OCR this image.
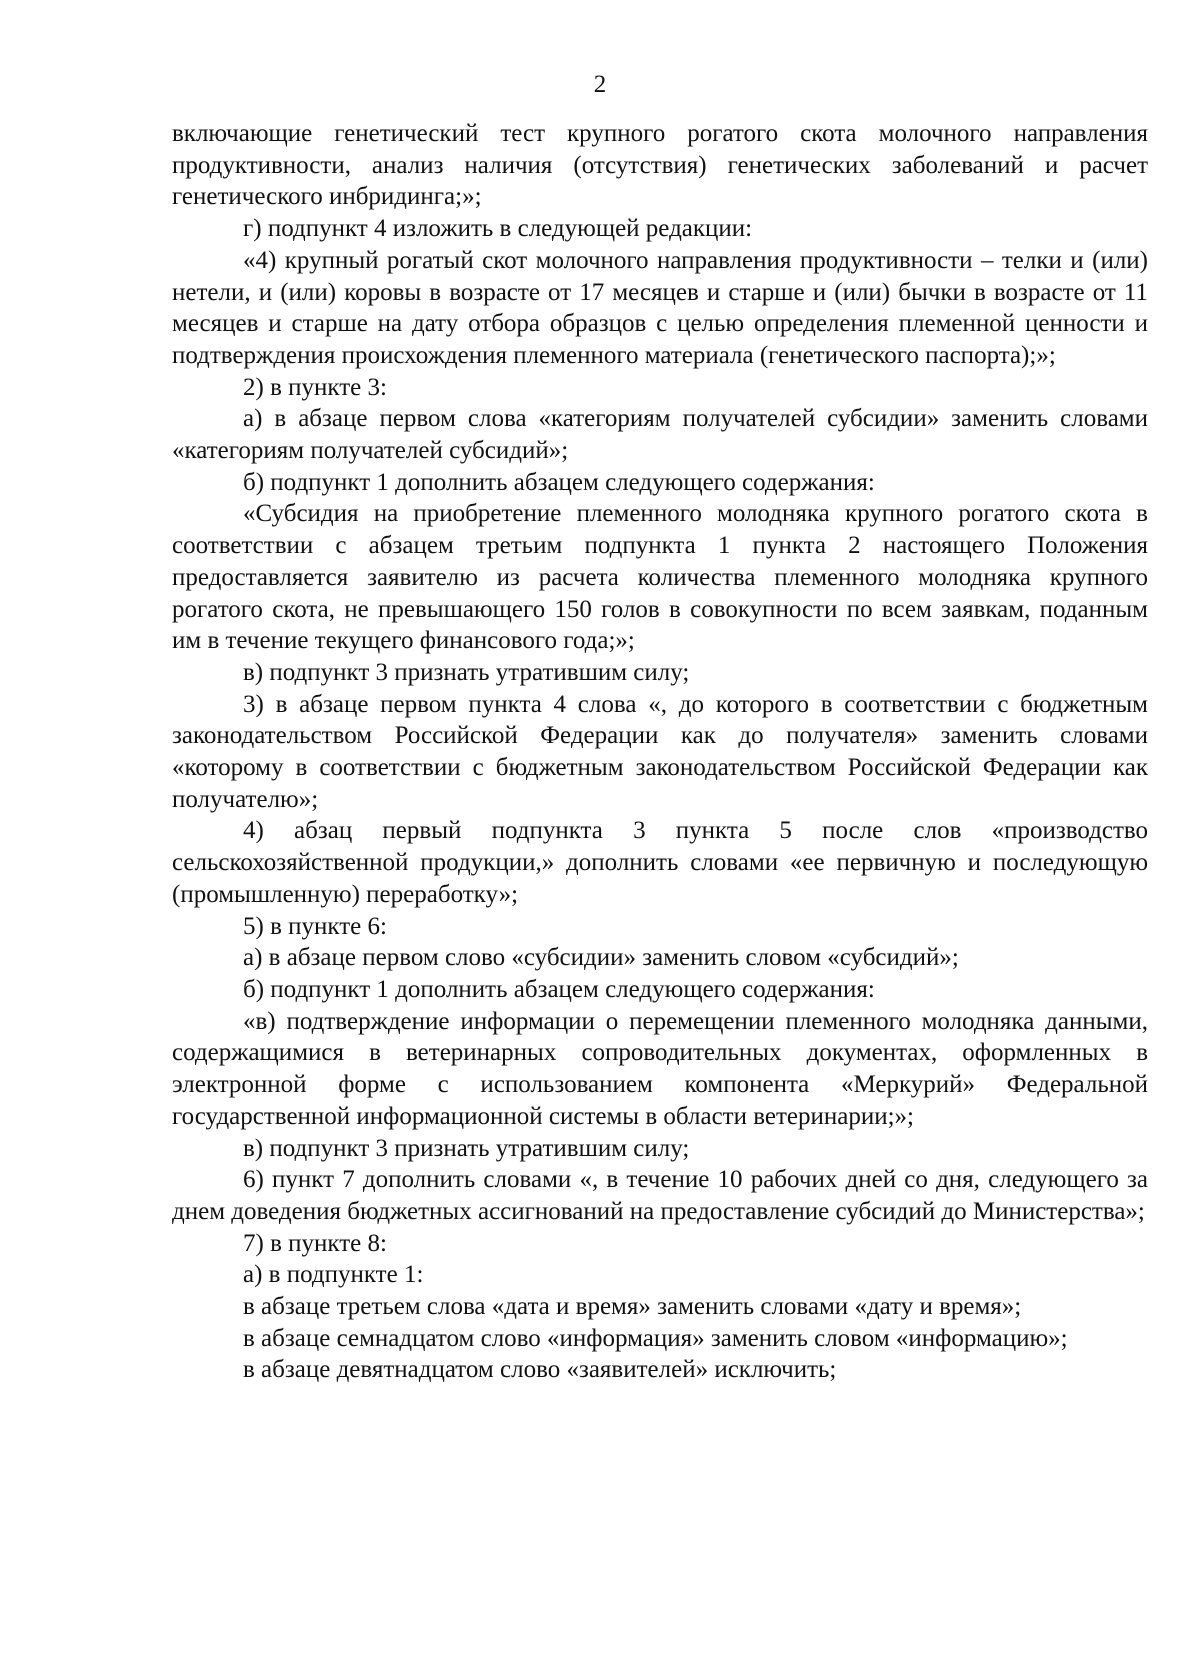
2

включающие генетический тест крупного рогатого скота молочного направления продуктивности, анализ наличия (отсутствия) генетических заболеваний и расчет генетического инбридинга;»;

г) подпункт 4 изложить в следующей редакции:

«4) крупный рогатый скот молочного направления продуктивности – телки и (или) нетели, и (или) коровы в возрасте от 17 месяцев и старше и (или) бычки в возрасте от 11 месяцев и старше на дату отбора образцов с целью определения племенной ценности и подтверждения происхождения племенного материала (генетического паспорта);»;

2) в пункте 3:

а) в абзаце первом слова «категориям получателей субсидии» заменить словами «категориям получателей субсидий»;

б) подпункт 1 дополнить абзацем следующего содержания:

«Субсидия на приобретение племенного молодняка крупного рогатого скота в соответствии с абзацем третьим подпункта 1 пункта 2 настоящего Положения предоставляется заявителю из расчета количества племенного молодняка крупного рогатого скота, не превышающего 150 голов в совокупности по всем заявкам, поданным им в течение текущего финансового года;»;

в) подпункт 3 признать утратившим силу;

3) в абзаце первом пункта 4 слова «, до которого в соответствии с бюджетным законодательством Российской Федерации как до получателя» заменить словами «которому в соответствии с бюджетным законодательством Российской Федерации как получателю»;

4) абзац первый подпункта 3 пункта 5 после слов «производство сельскохозяйственной продукции,» дополнить словами «ее первичную и последующую (промышленную) переработку»;

5) в пункте 6:

а) в абзаце первом слово «субсидии» заменить словом «субсидий»;

б) подпункт 1 дополнить абзацем следующего содержания:

«в) подтверждение информации о перемещении племенного молодняка данными, содержащимися в ветеринарных сопроводительных документах, оформленных в электронной форме с использованием компонента «Меркурий» Федеральной государственной информационной системы в области ветеринарии;»;

в) подпункт 3 признать утратившим силу;

6) пункт 7 дополнить словами «, в течение 10 рабочих дней со дня, следующего за днем доведения бюджетных ассигнований на предоставление субсидий до Министерства»;

7) в пункте 8:

а) в подпункте 1:

в абзаце третьем слова «дата и время» заменить словами «дату и время»;

в абзаце семнадцатом слово «информация» заменить словом «информацию»;

в абзаце девятнадцатом слово «заявителей» исключить;
